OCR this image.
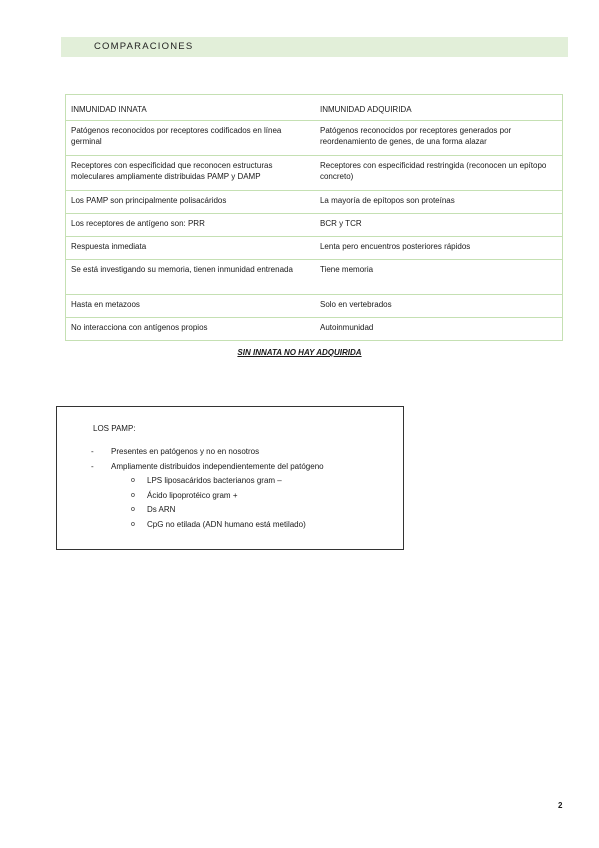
COMPARACIONES
INMUNIDAD INNATA	INMUNIDAD ADQUIRIDA
Patógenos reconocidos por receptores codificados en línea germinal	Patógenos reconocidos por receptores generados por reordenamiento de genes, de una forma alazar
Receptores con especificidad que reconocen estructuras moleculares ampliamente distribuidas PAMP y DAMP	Receptores con especificidad restringida (reconocen un epítopo concreto)
Los PAMP son principalmente polisacáridos	La mayoría de epítopos son proteínas
Los receptores de antígeno son: PRR	BCR y TCR
Respuesta inmediata	Lenta pero encuentros posteriores rápidos
Se está investigando su memoria, tienen inmunidad entrenada	Tiene memoria
Hasta en metazoos	Solo en vertebrados
No interacciona con antígenos propios	Autoinmunidad
SIN INNATA NO HAY ADQUIRIDA
LOS PAMP:
- Presentes en patógenos y no en nosotros
- Ampliamente distribuidos independientemente del patógeno
o LPS liposacáridos bacterianos gram –
o Ácido lipoprotéico gram +
o Ds ARN
o CpG no etilada (ADN humano está metilado)
2
